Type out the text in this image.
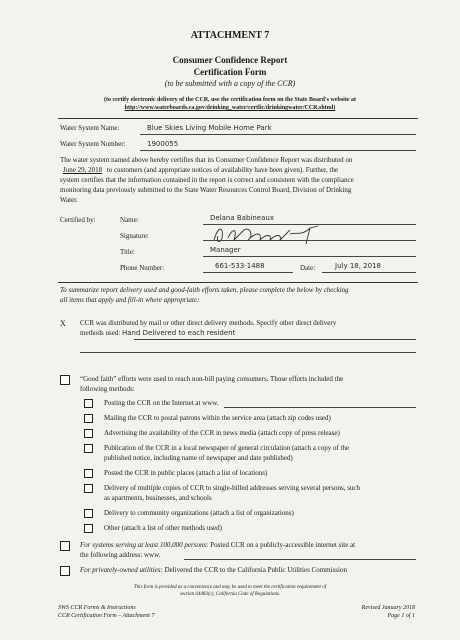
ATTACHMENT 7
Consumer Confidence Report
Certification Form
(to be submitted with a copy of the CCR)
(to certify electronic delivery of the CCR, use the certification form on the State Board's website at
http://www.waterboards.ca.gov/drinking_water/certlic/drinkingwater/CCR.shtml)
Water System Name:	Blue Skies Living Mobile Home Park
Water System Number:	1900055
The water system named above hereby certifies that its Consumer Confidence Report was distributed on
June 29, 2018 to customers (and appropriate notices of availability have been given). Further, the
system certifies that the information contained in the report is correct and consistent with the compliance
monitoring data previously submitted to the State Water Resources Control Board, Division of Drinking
Water.
Certified by:	Name:	Delana Babineaux
Signature:
Title:	Manager
Phone Number:	661-533-1488	Date:	July 18, 2018
To summarize report delivery used and good-faith efforts taken, please complete the below by checking
all items that apply and fill-in where appropriate:
X CCR was distributed by mail or other direct delivery methods. Specify other direct delivery
methods used: Hand Delivered to each resident
“Good faith” efforts were used to reach non-bill paying consumers. Those efforts included the
following methods:
Posting the CCR on the Internet at www.
Mailing the CCR to postal patrons within the service area (attach zip codes used)
Advertising the availability of the CCR in news media (attach copy of press release)
Publication of the CCR in a local newspaper of general circulation (attach a copy of the
published notice, including name of newspaper and date published)
Posted the CCR in public places (attach a list of locations)
Delivery of multiple copies of CCR to single-billed addresses serving several persons, such
as apartments, businesses, and schools
Delivery to community organizations (attach a list of organizations)
Other (attach a list of other methods used)
For systems serving at least 100,000 persons: Posted CCR on a publicly-accessible internet site at
the following address: www.
For privately-owned utilities: Delivered the CCR to the California Public Utilities Commission
This form is provided as a convenience and may be used to meet the certification requirement of
section 64483(c), California Code of Regulations.
SWS CCR Forms & Instructions
CCR Certification Form – Attachment 7
Revised January 2018
Page 1 of 1
